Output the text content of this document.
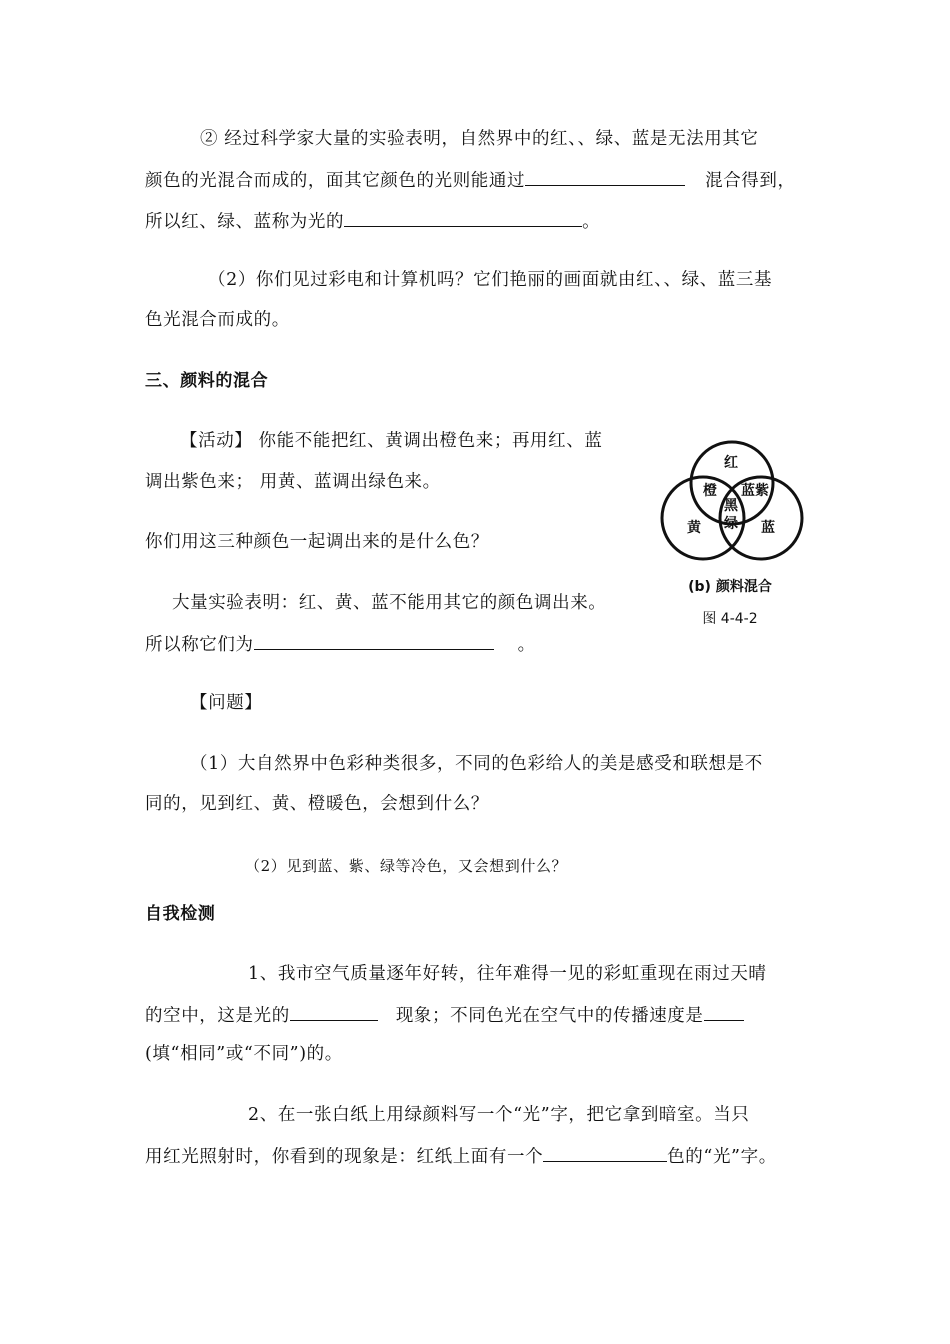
② 经过科学家大量的实验表明，自然界中的红、、绿、蓝是无法用其它
颜色的光混合而成的，面其它颜色的光则能通过	混合得到，
所以红、绿、蓝称为光的	。
（2）你们见过彩电和计算机吗？它们艳丽的画面就由红、、绿、蓝三基
色光混合而成的。
三、颜料的混合
【活动】 你能不能把红、黄调出橙色来；再用红、蓝
调出紫色来； 用黄、蓝调出绿色来。
你们用这三种颜色一起调出来的是什么色？
大量实验表明：红、黄、蓝不能用其它的颜色调出来。
所以称它们为	。
红
橙 蓝紫
黑
绿
黄	蓝
(b) 颜料混合
图 4-4-2
【问题】
（1）大自然界中色彩种类很多，不同的色彩给人的美是感受和联想是不
同的，见到红、黄、橙暖色，会想到什么？
（2）见到蓝、紫、绿等冷色，又会想到什么？
自我检测
1、我市空气质量逐年好转，往年难得一见的彩虹重现在雨过天晴
的空中，这是光的	现象；不同色光在空气中的传播速度是
(填“相同”或“不同”)的。
2、在一张白纸上用绿颜料写一个“光”字，把它拿到暗室。当只
用红光照射时，你看到的现象是：红纸上面有一个	色的“光”字。
